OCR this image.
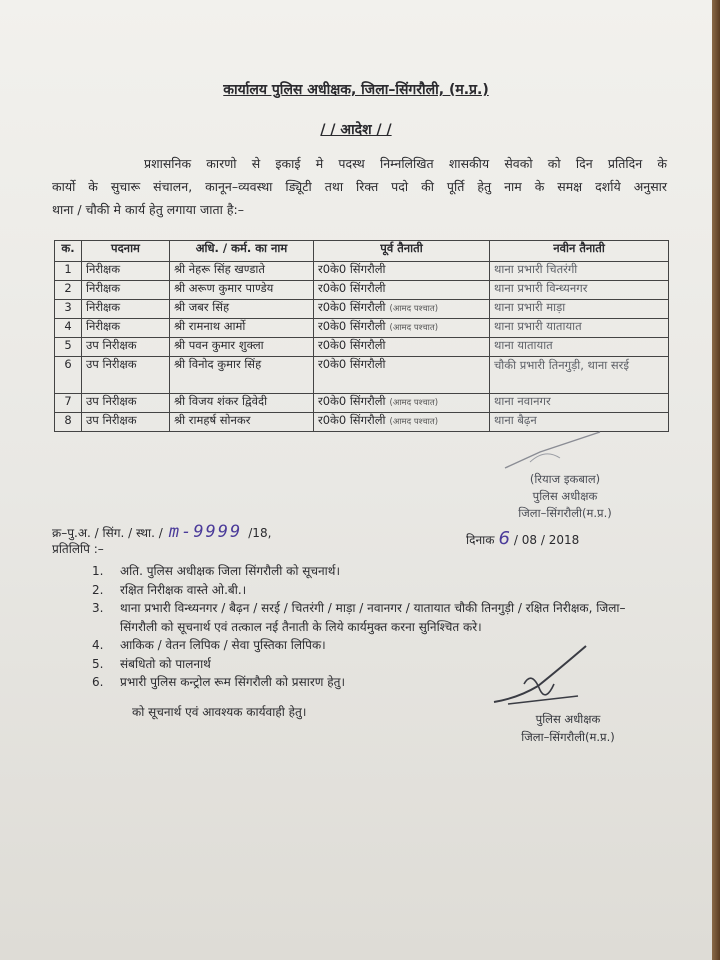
कार्यालय पुलिस अधीक्षक, जिला–सिंगरौली, (म.प्र.)
/ / आदेश / /
प्रशासनिक कारणो से इकाई मे पदस्थ निम्नलिखित शासकीय सेवको को दिन प्रतिदिन के
कार्यो के सुचारू संचालन, कानून–व्यवस्था ड्यिूटी तथा रिक्त पदो की पूर्ति हेतु नाम के समक्ष दर्शाये अनुसार
थाना / चौकी मे कार्य हेतु लगाया जाता है:–
क.	पदनाम	अधि. / कर्म. का नाम	पूर्व तैनाती	नवीन तैनाती
1	निरीक्षक	श्री नेहरू सिंह खण्डाते	र0के0 सिंगरौली	थाना प्रभारी चितरंगी
2	निरीक्षक	श्री अरूण कुमार पाण्डेय	र0के0 सिंगरौली	थाना प्रभारी विन्ध्यनगर
3	निरीक्षक	श्री जबर सिंह	र0के0 सिंगरौली (आमद पश्चात)	थाना प्रभारी माड़ा
4	निरीक्षक	श्री रामनाथ आर्मो	र0के0 सिंगरौली (आमद पश्चात)	थाना प्रभारी यातायात
5	उप निरीक्षक	श्री पवन कुमार शुक्ला	र0के0 सिंगरौली	थाना यातायात
6	उप निरीक्षक	श्री विनोद कुमार सिंह	र0के0 सिंगरौली	चौकी प्रभारी तिनगुड़ी, थाना सरई
7	उप निरीक्षक	श्री विजय शंकर द्विवेदी	र0के0 सिंगरौली (आमद पश्चात)	थाना नवानगर
8	उप निरीक्षक	श्री रामहर्ष सोनकर	र0के0 सिंगरौली (आमद पश्चात)	थाना बैढ़न
(रियाज इकबाल)
पुलिस अधीक्षक
जिला–सिंगरौली(म.प्र.)
क्र–पु.अ. / सिंग. / स्था. / m-9999 /18,	दिनाक 6 / 08 / 2018
प्रतिलिपि :–
1.	अति. पुलिस अधीक्षक जिला सिंगरौली को सूचनार्थ।
2.	रक्षित निरीक्षक वास्ते ओ.बी.।
3.	थाना प्रभारी विन्ध्यनगर / बैढ़न / सरई / चितरंगी / माड़ा / नवानगर / यातायात चौकी तिनगुड़ी / रक्षित निरीक्षक, जिला–सिंगरौली को सूचनार्थ एवं तत्काल नई तैनाती के लिये कार्यमुक्त करना सुनिश्चित करे।
4.	आकिक / वेतन लिपिक / सेवा पुस्तिका लिपिक।
5.	संबधितो को पालनार्थ
6.	प्रभारी पुलिस कन्ट्रोल रूम सिंगरौली को प्रसारण हेतु।
को सूचनार्थ एवं आवश्यक कार्यवाही हेतु।	पुलिस अधीक्षक
जिला–सिंगरौली(म.प्र.)
